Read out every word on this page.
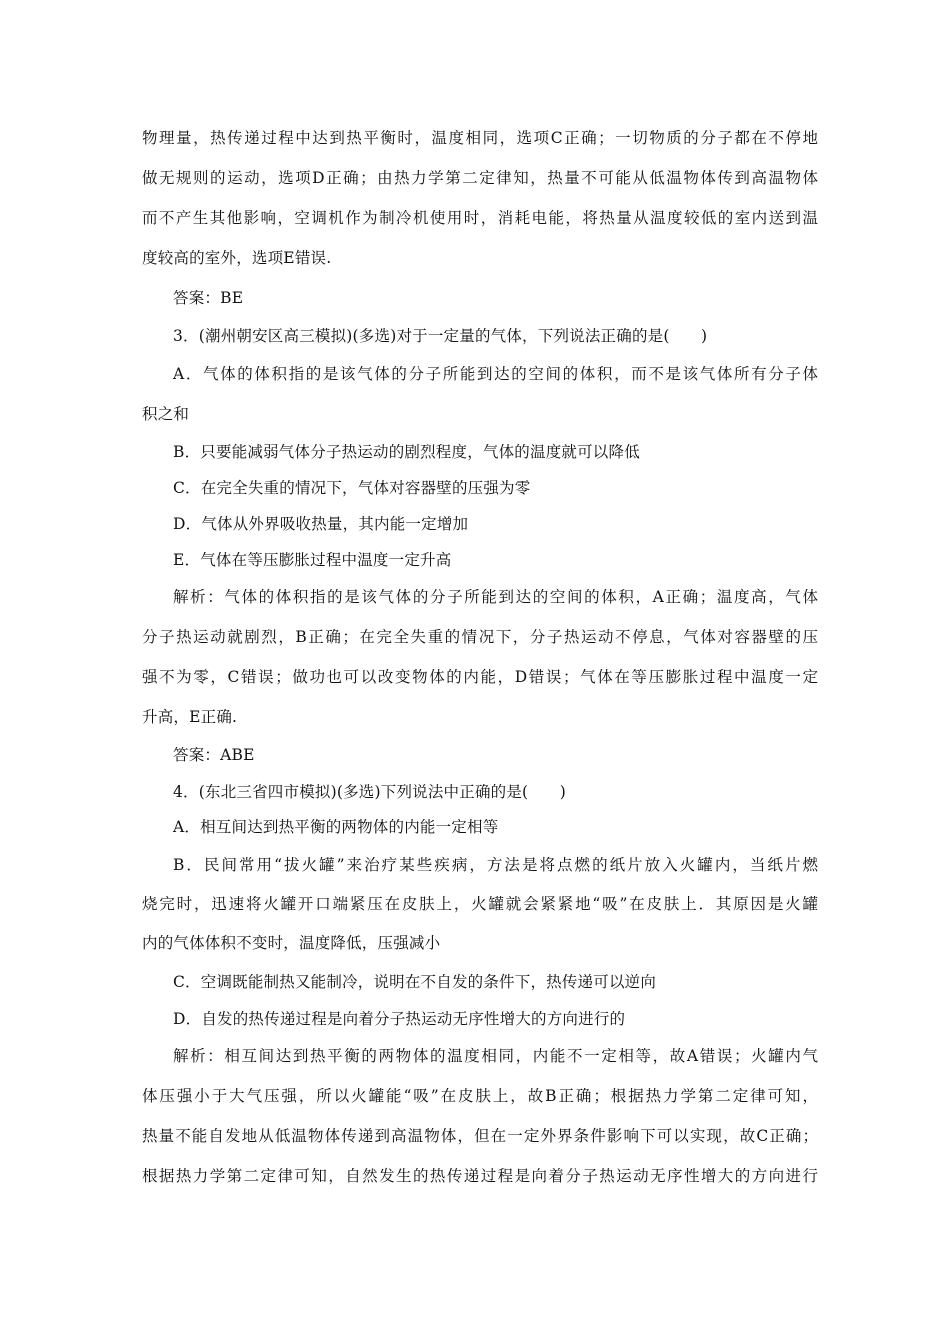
物理量，热传递过程中达到热平衡时，温度相同，选项C正确；一切物质的分子都在不停地
做无规则的运动，选项D正确；由热力学第二定律知，热量不可能从低温物体传到高温物体
而不产生其他影响，空调机作为制冷机使用时，消耗电能，将热量从温度较低的室内送到温
度较高的室外，选项E错误.
答案：BE
3．(潮州朝安区高三模拟)(多选)对于一定量的气体，下列说法正确的是(　　)
A．气体的体积指的是该气体的分子所能到达的空间的体积，而不是该气体所有分子体
积之和
B．只要能减弱气体分子热运动的剧烈程度，气体的温度就可以降低
C．在完全失重的情况下，气体对容器壁的压强为零
D．气体从外界吸收热量，其内能一定增加
E．气体在等压膨胀过程中温度一定升高
解析：气体的体积指的是该气体的分子所能到达的空间的体积，A正确；温度高，气体
分子热运动就剧烈，B正确；在完全失重的情况下，分子热运动不停息，气体对容器壁的压
强不为零，C错误；做功也可以改变物体的内能，D错误；气体在等压膨胀过程中温度一定
升高，E正确.
答案：ABE
4．(东北三省四市模拟)(多选)下列说法中正确的是(　　)
A．相互间达到热平衡的两物体的内能一定相等
B．民间常用“拔火罐”来治疗某些疾病，方法是将点燃的纸片放入火罐内，当纸片燃
烧完时，迅速将火罐开口端紧压在皮肤上，火罐就会紧紧地“吸”在皮肤上．其原因是火罐
内的气体体积不变时，温度降低，压强减小
C．空调既能制热又能制冷，说明在不自发的条件下，热传递可以逆向
D．自发的热传递过程是向着分子热运动无序性增大的方向进行的
解析：相互间达到热平衡的两物体的温度相同，内能不一定相等，故A错误；火罐内气
体压强小于大气压强，所以火罐能“吸”在皮肤上，故B正确；根据热力学第二定律可知，
热量不能自发地从低温物体传递到高温物体，但在一定外界条件影响下可以实现，故C正确；
根据热力学第二定律可知，自然发生的热传递过程是向着分子热运动无序性增大的方向进行
